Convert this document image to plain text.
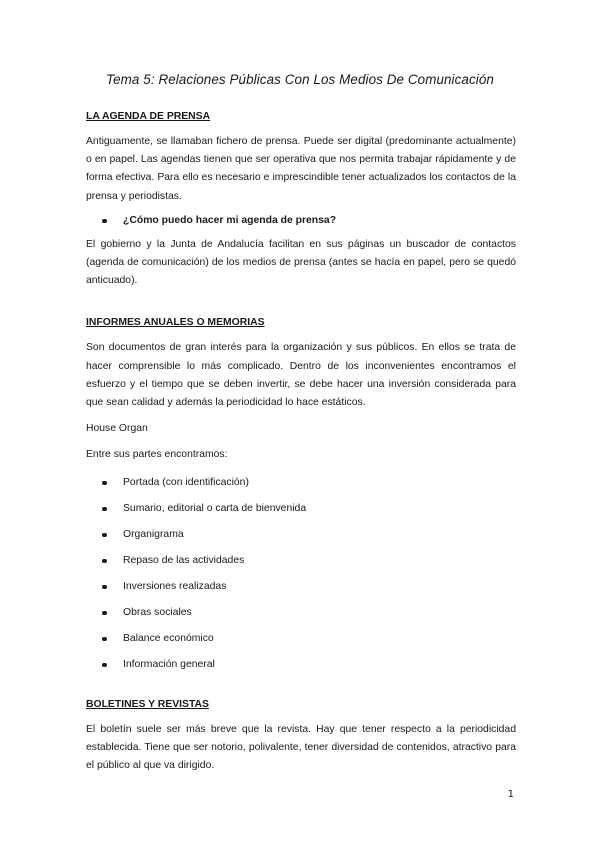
Tema 5: Relaciones Públicas Con Los Medios De Comunicación
LA AGENDA DE PRENSA

Antiguamente, se llamaban fichero de prensa. Puede ser digital (predominante actualmente) o en papel. Las agendas tienen que ser operativa que nos permita trabajar rápidamente y de forma efectiva. Para ello es necesario e imprescindible tener actualizados los contactos de la prensa y periodistas.

¿Cómo puedo hacer mi agenda de prensa?

El gobierno y la Junta de Andalucía facilitan en sus páginas un buscador de contactos (agenda de comunicación) de los medios de prensa (antes se hacía en papel, pero se quedó anticuado).

INFORMES ANUALES O MEMORIAS

Son documentos de gran interés para la organización y sus públicos. En ellos se trata de hacer comprensible lo más complicado. Dentro de los inconvenientes encontramos el esfuerzo y el tiempo que se deben invertir, se debe hacer una inversión considerada para que sean calidad y además la periodicidad lo hace estáticos.

House Organ

Entre sus partes encontramos:

Portada (con identificación)
Sumario, editorial o carta de bienvenida
Organigrama
Repaso de las actividades
Inversiones realizadas
Obras sociales
Balance económico
Información general
BOLETINES Y REVISTAS

El boletín suele ser más breve que la revista. Hay que tener respecto a la periodicidad establecida. Tiene que ser notorio, polivalente, tener diversidad de contenidos, atractivo para el público al que va dirigido.

1
